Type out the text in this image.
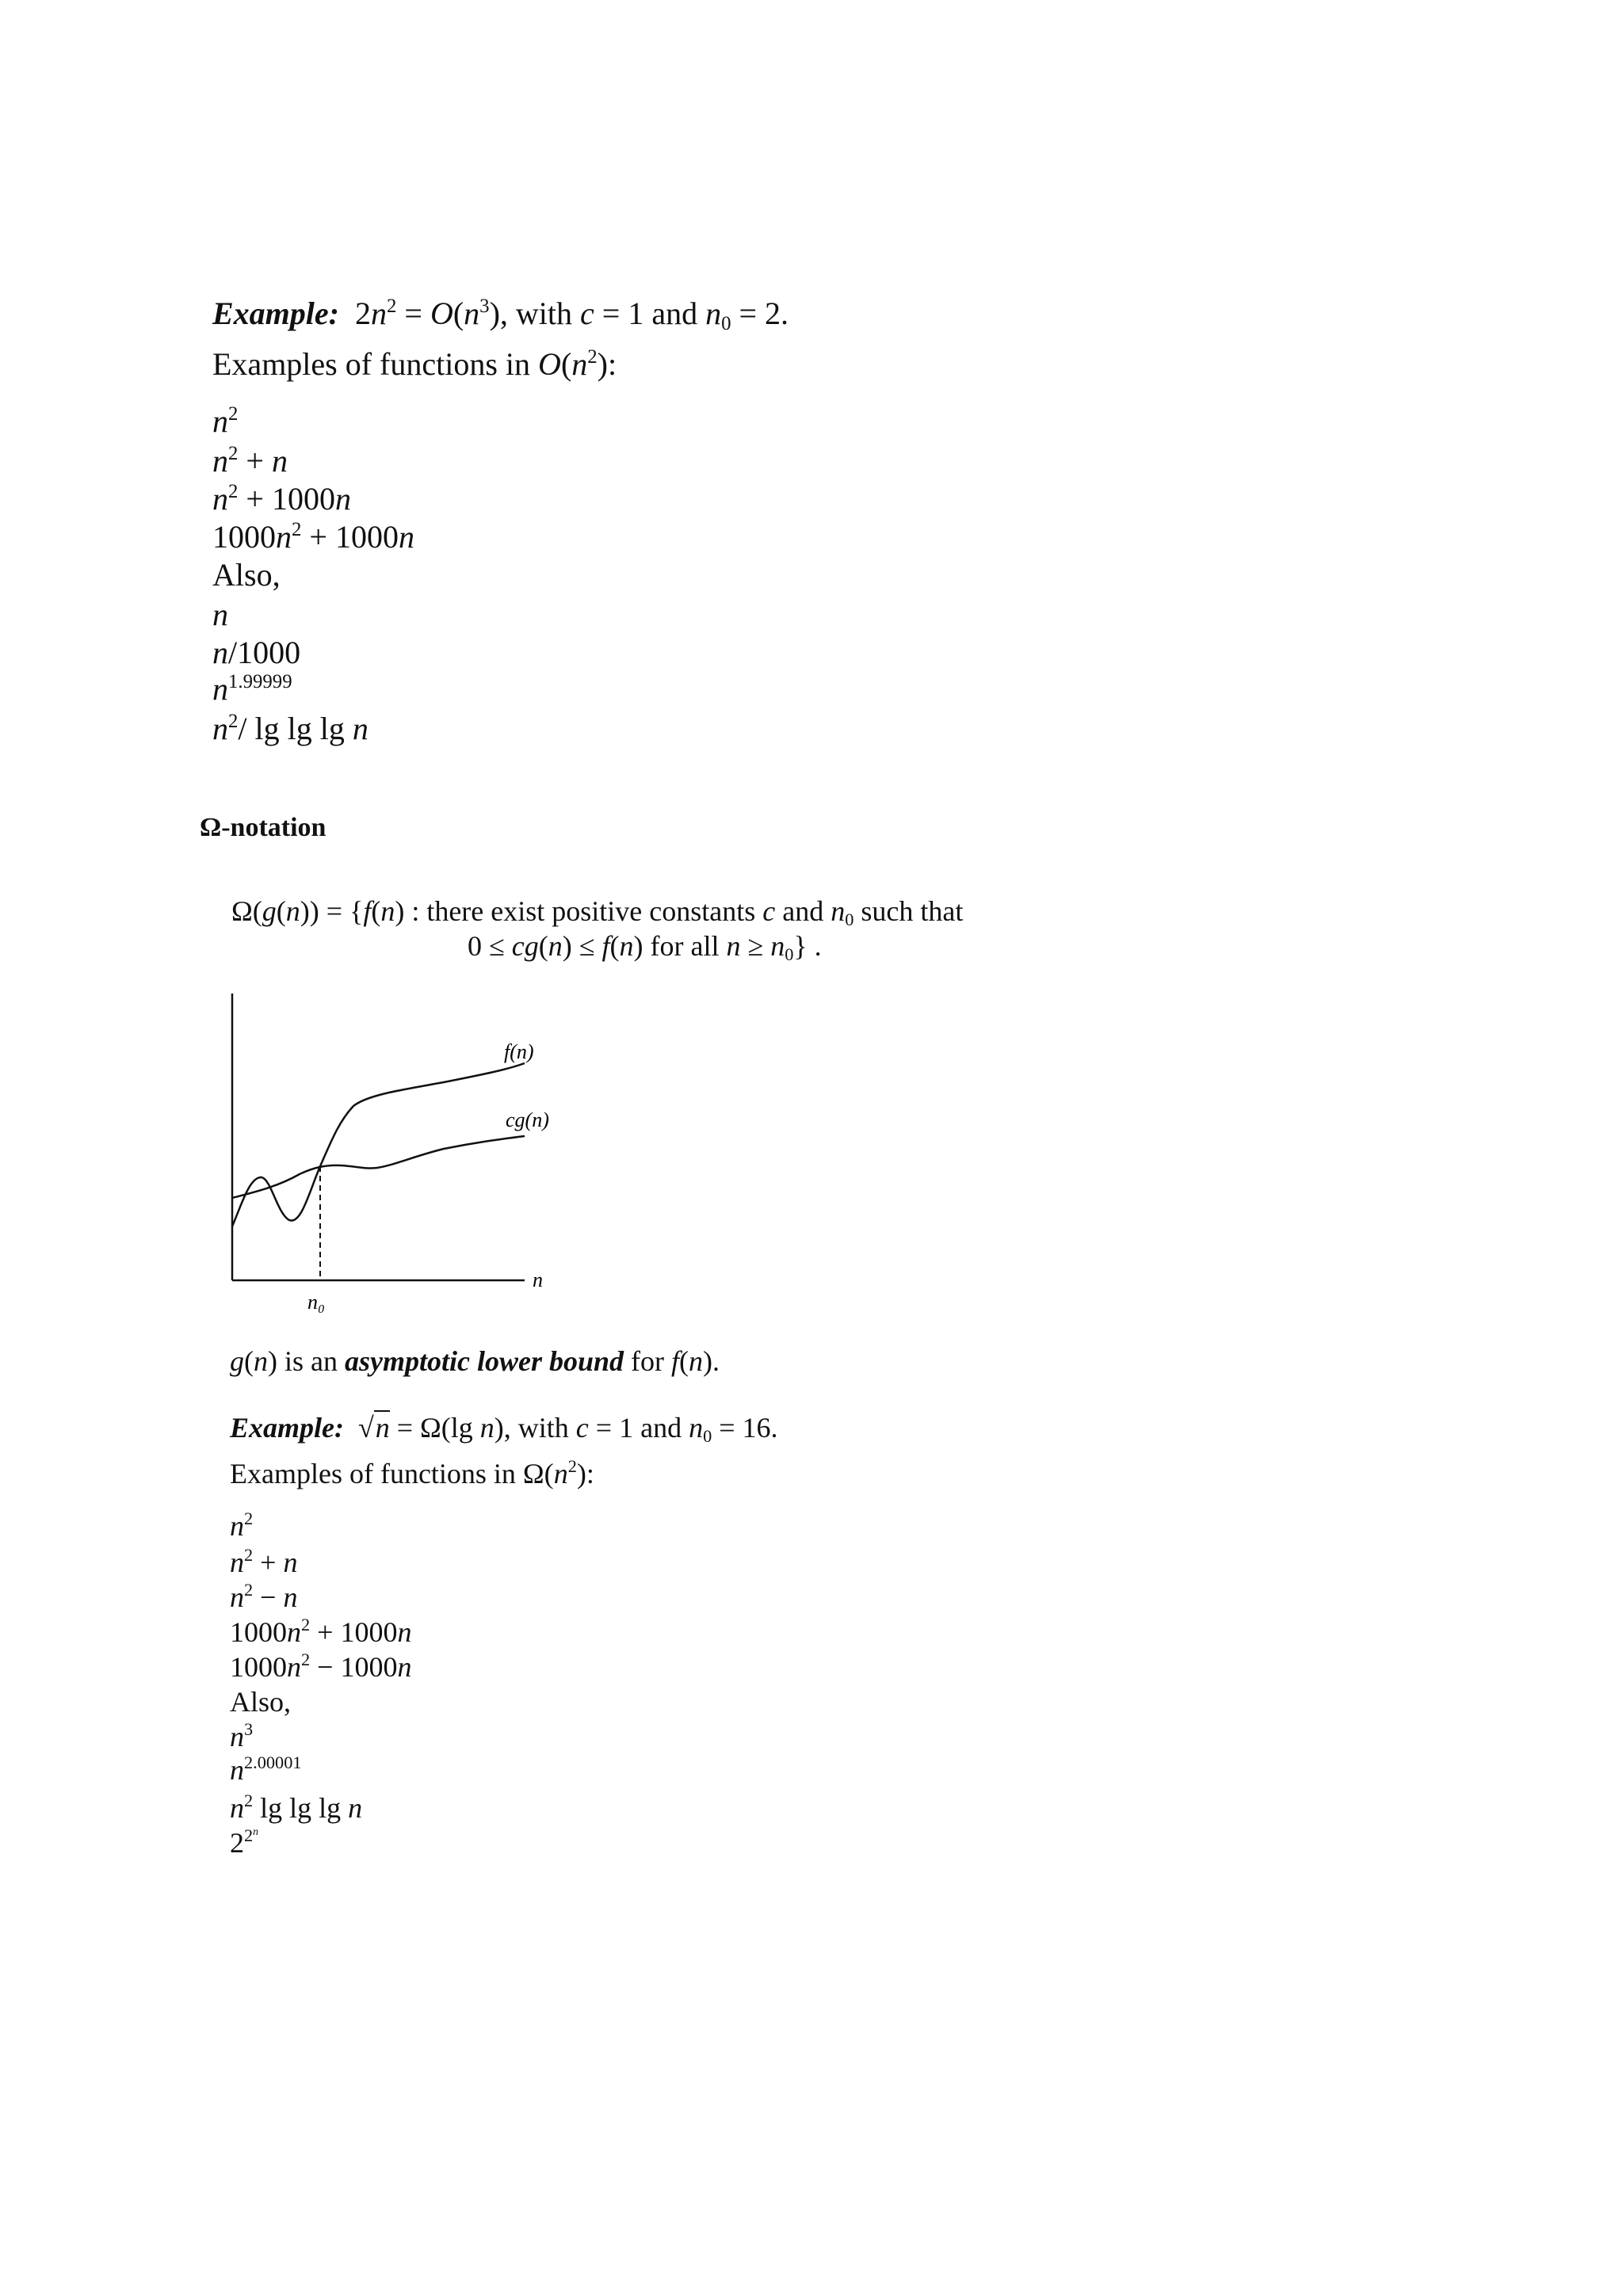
Example:  $2n^2 = O(n^3)$, with c = 1 and $n_0 = 2$.
Examples of functions in $O(n^2)$:
$n^2$
$n^2 + n$
$n^2 + 1000n$
$1000n^2 + 1000n$
Also,
n
n/1000
$n^{1.99999}$
$n^2/$ lg lg lg n
Ω-notation
Ω(g(n)) = {f(n) : there exist positive constants c and $n_0$ such that
0 ≤ cg(n) ≤ f(n) for all $n \ge n_0$} .
f(n)
cg(n)
n
n₀
g(n) is an asymptotic lower bound for f(n).
Example:  √n = Ω(lg n), with c = 1 and $n_0 = 16$.
Examples of functions in $\Omega(n^2)$:
$n^2$
$n^2 + n$
$n^2 - n$
$1000n^2 + 1000n$
$1000n^2 - 1000n$
Also,
$n^3$
$n^{2.00001}$
$n^2$ lg lg lg n
$2^{2^n}$
